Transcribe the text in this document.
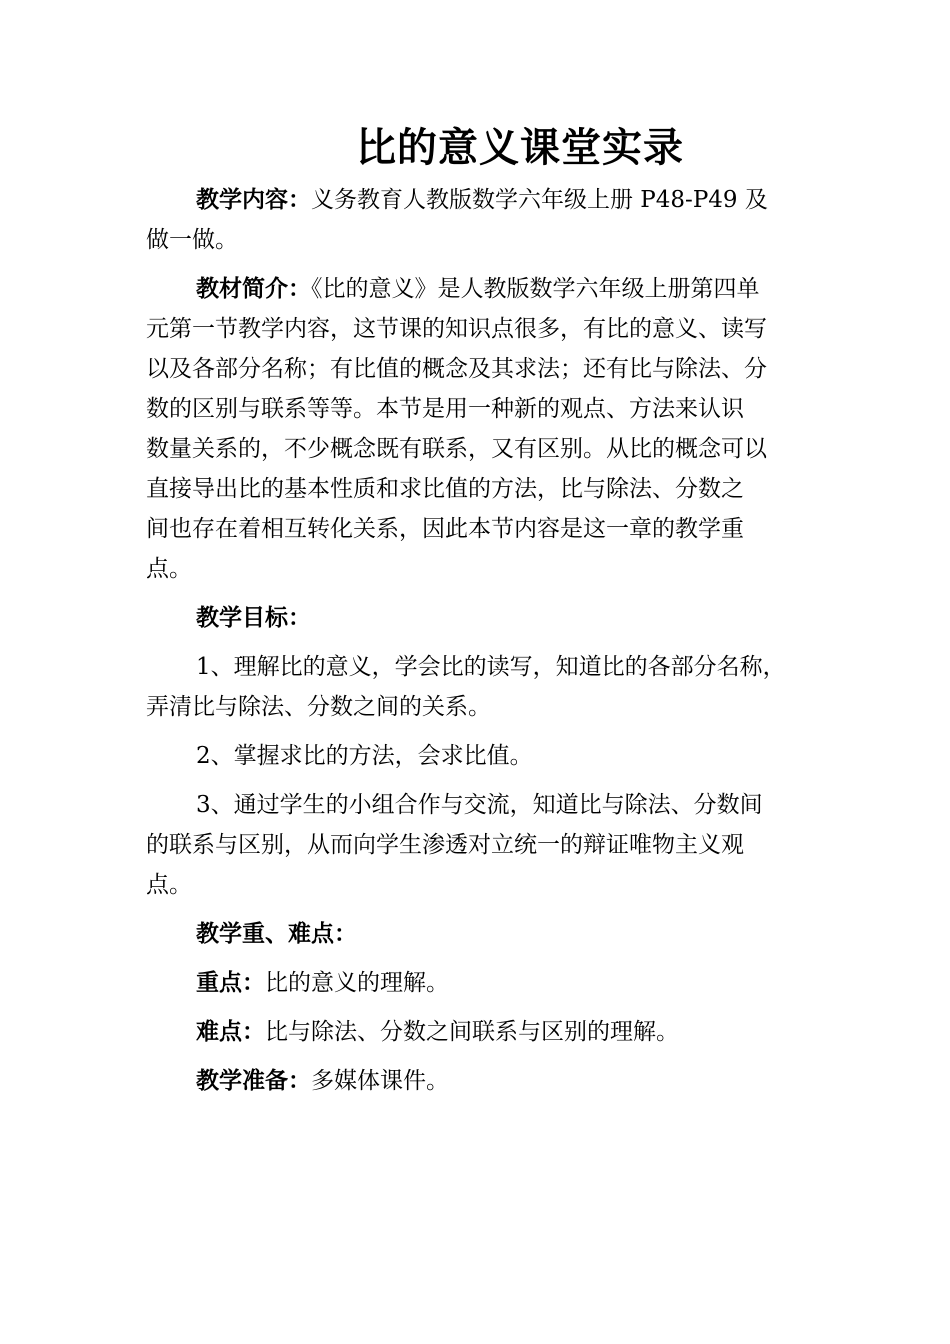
比的意义课堂实录
教学内容：义务教育人教版数学六年级上册 P48-P49 及
做一做。
教材简介：《比的意义》是人教版数学六年级上册第四单
元第一节教学内容，这节课的知识点很多，有比的意义、读写
以及各部分名称；有比值的概念及其求法；还有比与除法、分
数的区别与联系等等。本节是用一种新的观点、方法来认识
数量关系的，不少概念既有联系，又有区别。从比的概念可以
直接导出比的基本性质和求比值的方法，比与除法、分数之
间也存在着相互转化关系，因此本节内容是这一章的教学重
点。
教学目标：
1、理解比的意义，学会比的读写，知道比的各部分名称，
弄清比与除法、分数之间的关系。
2、掌握求比的方法，会求比值。
3、通过学生的小组合作与交流，知道比与除法、分数间
的联系与区别，从而向学生渗透对立统一的辩证唯物主义观
点。
教学重、难点：
重点：比的意义的理解。
难点：比与除法、分数之间联系与区别的理解。
教学准备：多媒体课件。
